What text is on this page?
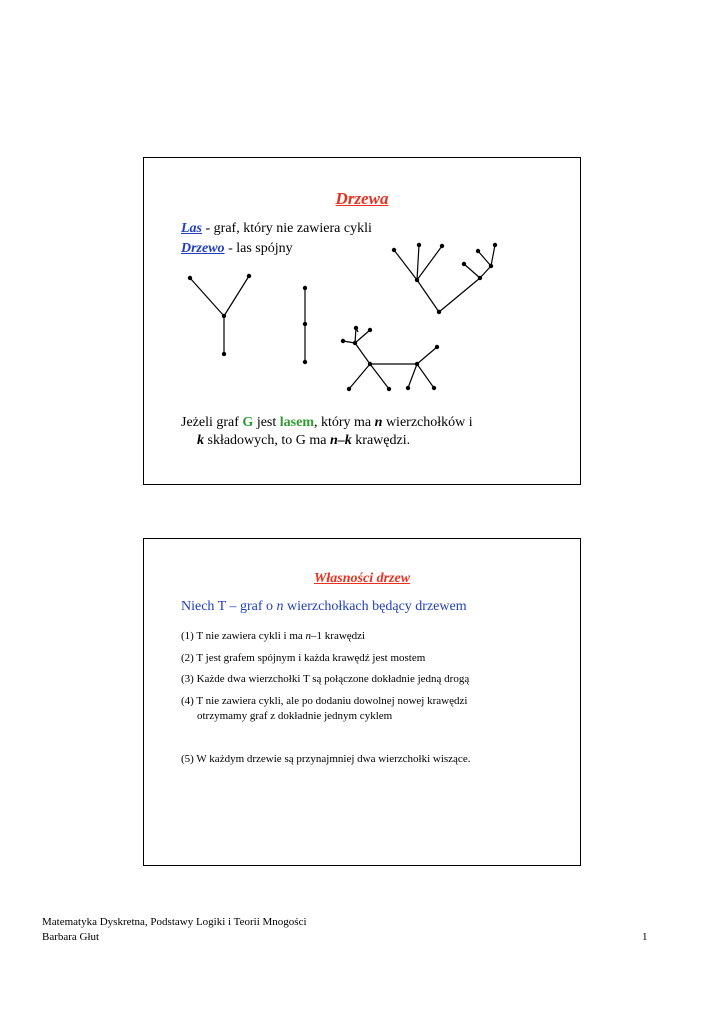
Drzewa
Las - graf, który nie zawiera cykli
Drzewo - las spójny
Jeżeli graf G jest lasem, który ma n wierzchołków i
k składowych, to G ma n–k krawędzi.
Własności drzew
Niech T – graf o n wierzchołkach będący drzewem
(1) T nie zawiera cykli i ma n–1 krawędzi
(2) T jest grafem spójnym i każda krawędź jest mostem
(3) Każde dwa wierzchołki T są połączone dokładnie jedną drogą
(4) T nie zawiera cykli, ale po dodaniu dowolnej nowej krawędzi
otrzymamy graf z dokładnie jednym cyklem
(5) W każdym drzewie są przynajmniej dwa wierzchołki wiszące.
Matematyka Dyskretna, Podstawy Logiki i Teorii Mnogości
Barbara Głut	1
